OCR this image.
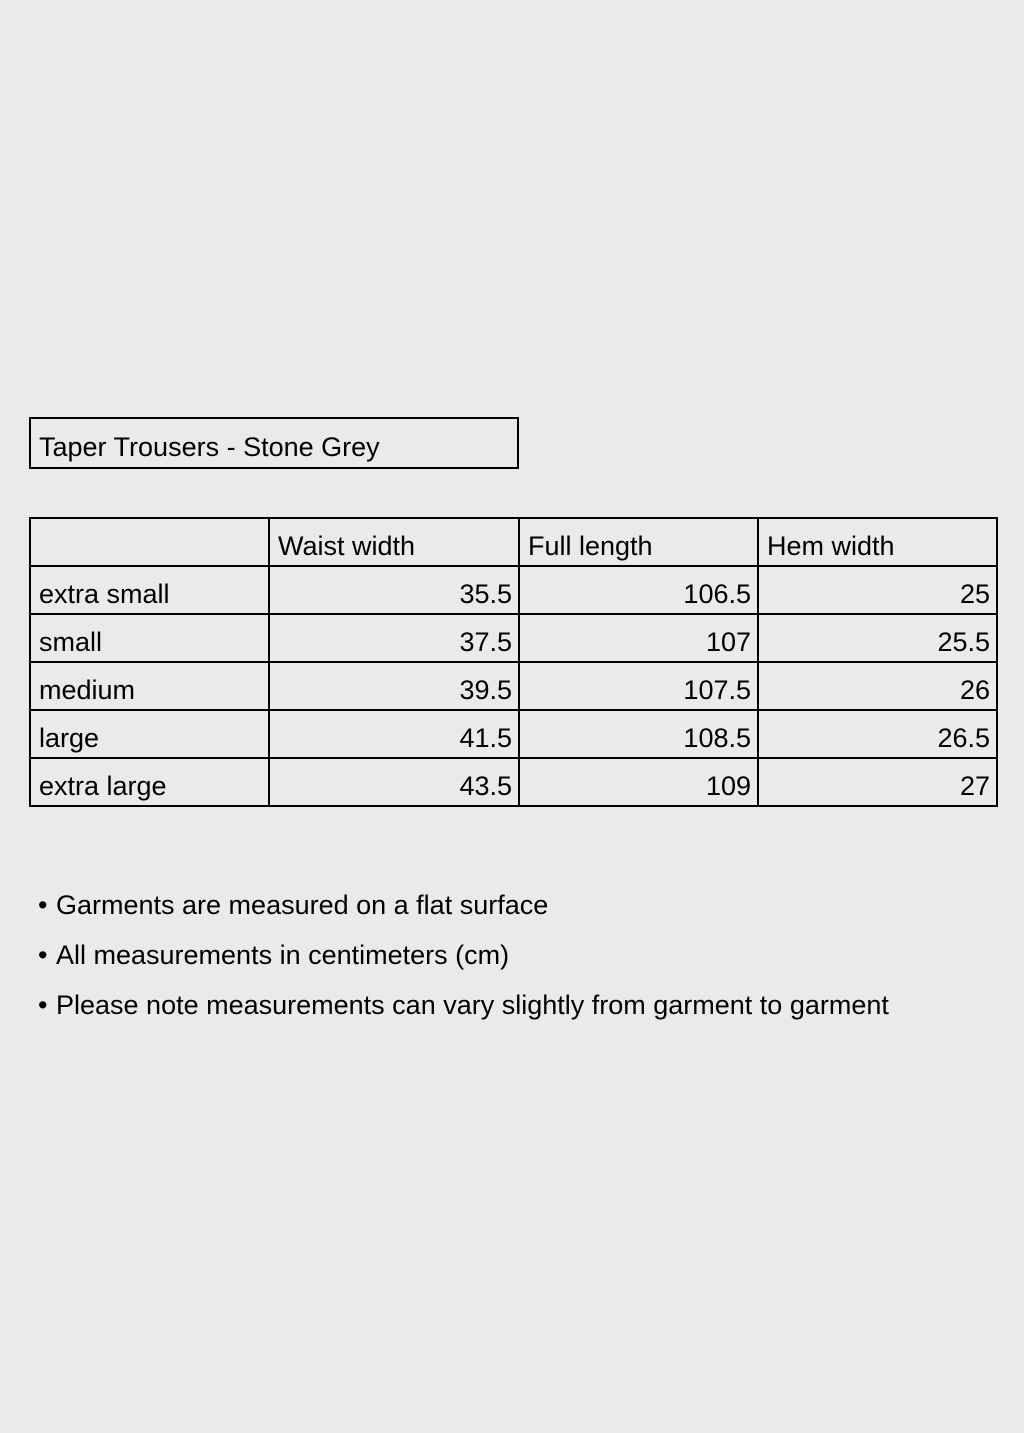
Taper Trousers - Stone Grey
	Waist width	Full length	Hem width
extra small	35.5	106.5	25
small	37.5	107	25.5
medium	39.5	107.5	26
large	41.5	108.5	26.5
extra large	43.5	109	27
• Garments are measured on a flat surface
• All measurements in centimeters (cm)
• Please note measurements can vary slightly from garment to garment
